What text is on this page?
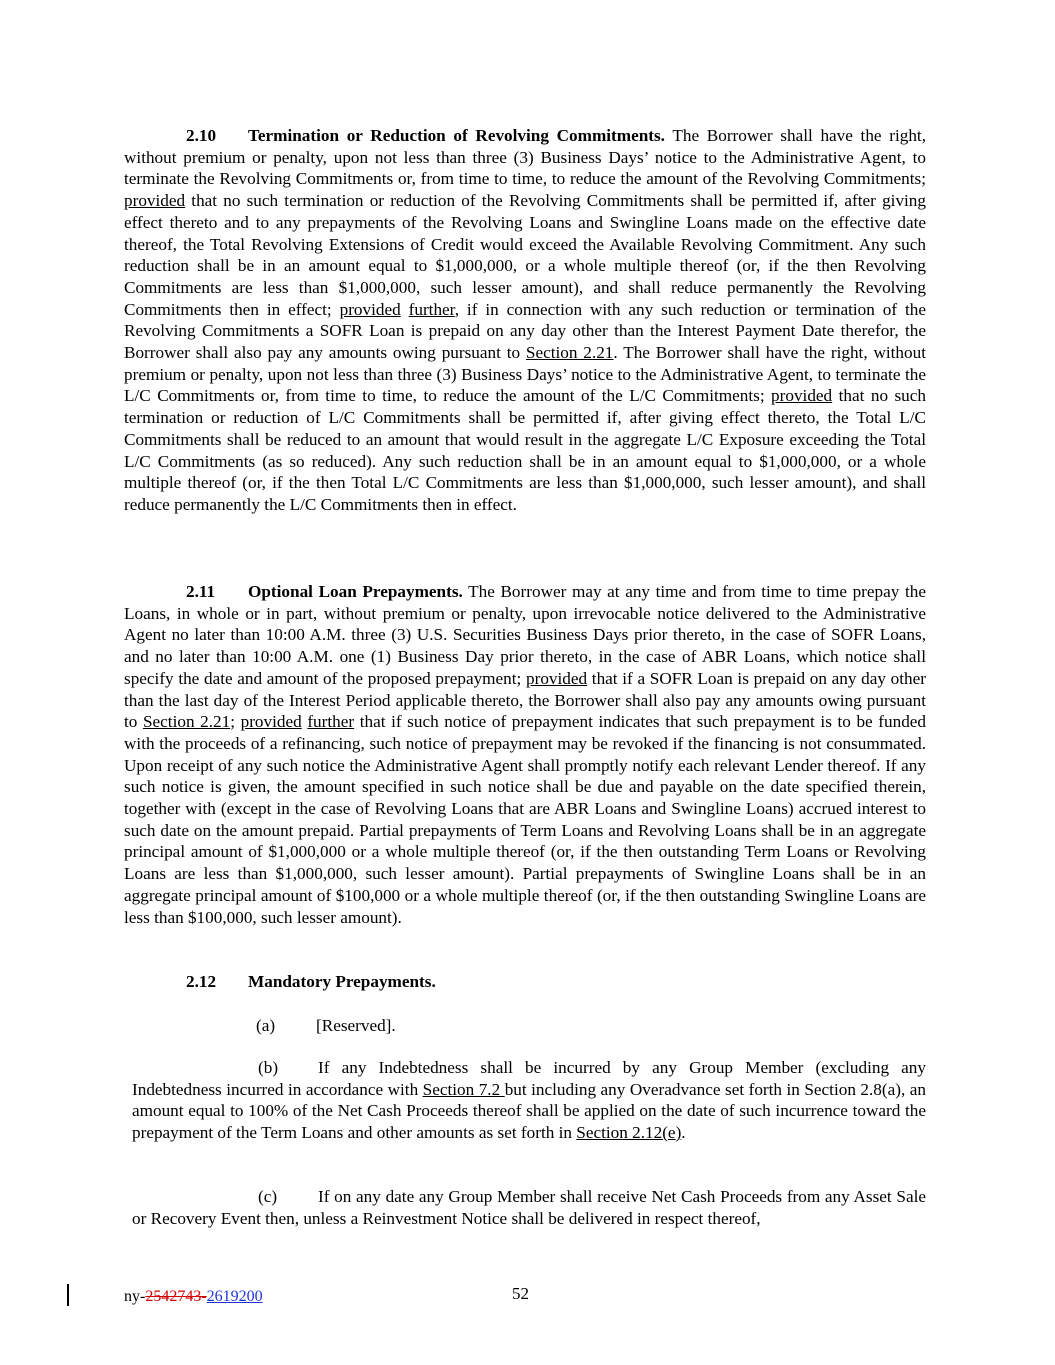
2.10 Termination or Reduction of Revolving Commitments. The Borrower shall have the right, without premium or penalty, upon not less than three (3) Business Days’ notice to the Administrative Agent, to terminate the Revolving Commitments or, from time to time, to reduce the amount of the Revolving Commitments; provided that no such termination or reduction of the Revolving Commitments shall be permitted if, after giving effect thereto and to any prepayments of the Revolving Loans and Swingline Loans made on the effective date thereof, the Total Revolving Extensions of Credit would exceed the Available Revolving Commitment. Any such reduction shall be in an amount equal to $1,000,000, or a whole multiple thereof (or, if the then Revolving Commitments are less than $1,000,000, such lesser amount), and shall reduce permanently the Revolving Commitments then in effect; provided further, if in connection with any such reduction or termination of the Revolving Commitments a SOFR Loan is prepaid on any day other than the Interest Payment Date therefor, the Borrower shall also pay any amounts owing pursuant to Section 2.21. The Borrower shall have the right, without premium or penalty, upon not less than three (3) Business Days’ notice to the Administrative Agent, to terminate the L/C Commitments or, from time to time, to reduce the amount of the L/C Commitments; provided that no such termination or reduction of L/C Commitments shall be permitted if, after giving effect thereto, the Total L/C Commitments shall be reduced to an amount that would result in the aggregate L/C Exposure exceeding the Total L/C Commitments (as so reduced). Any such reduction shall be in an amount equal to $1,000,000, or a whole multiple thereof (or, if the then Total L/C Commitments are less than $1,000,000, such lesser amount), and shall reduce permanently the L/C Commitments then in effect.

2.11 Optional Loan Prepayments. The Borrower may at any time and from time to time prepay the Loans, in whole or in part, without premium or penalty, upon irrevocable notice delivered to the Administrative Agent no later than 10:00 A.M. three (3) U.S. Securities Business Days prior thereto, in the case of SOFR Loans, and no later than 10:00 A.M. one (1) Business Day prior thereto, in the case of ABR Loans, which notice shall specify the date and amount of the proposed prepayment; provided that if a SOFR Loan is prepaid on any day other than the last day of the Interest Period applicable thereto, the Borrower shall also pay any amounts owing pursuant to Section 2.21; provided further that if such notice of prepayment indicates that such prepayment is to be funded with the proceeds of a refinancing, such notice of prepayment may be revoked if the financing is not consummated. Upon receipt of any such notice the Administrative Agent shall promptly notify each relevant Lender thereof. If any such notice is given, the amount specified in such notice shall be due and payable on the date specified therein, together with (except in the case of Revolving Loans that are ABR Loans and Swingline Loans) accrued interest to such date on the amount prepaid. Partial prepayments of Term Loans and Revolving Loans shall be in an aggregate principal amount of $1,000,000 or a whole multiple thereof (or, if the then outstanding Term Loans or Revolving Loans are less than $1,000,000, such lesser amount). Partial prepayments of Swingline Loans shall be in an aggregate principal amount of $100,000 or a whole multiple thereof (or, if the then outstanding Swingline Loans are less than $100,000, such lesser amount).

2.12 Mandatory Prepayments.
(a) [Reserved].

(b) If any Indebtedness shall be incurred by any Group Member (excluding any Indebtedness incurred in accordance with Section 7.2 but including any Overadvance set forth in Section 2.8(a), an amount equal to 100% of the Net Cash Proceeds thereof shall be applied on the date of such incurrence toward the prepayment of the Term Loans and other amounts as set forth in Section 2.12(e).

(c) If on any date any Group Member shall receive Net Cash Proceeds from any Asset Sale or Recovery Event then, unless a Reinvestment Notice shall be delivered in respect thereof,

ny-2542743-2619200	52
